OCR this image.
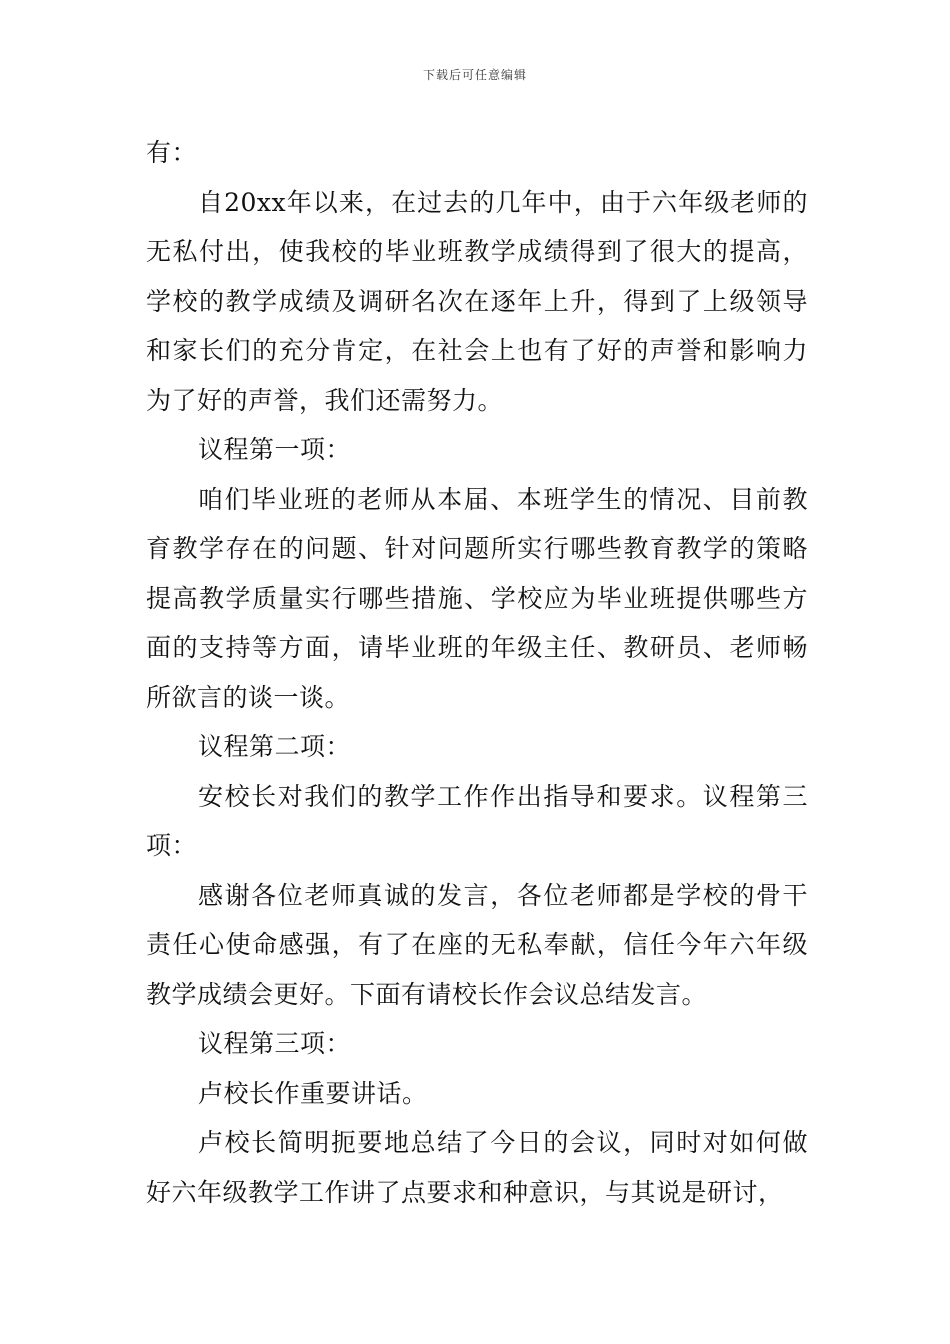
下载后可任意编辑

有：

自20xx年以来，在过去的几年中，由于六年级老师的无私付出，使我校的毕业班教学成绩得到了很大的提高，学校的教学成绩及调研名次在逐年上升，得到了上级领导和家长们的充分肯定，在社会上也有了好的声誉和影响力为了好的声誉，我们还需努力。

议程第一项：

咱们毕业班的老师从本届、本班学生的情况、目前教育教学存在的问题、针对问题所实行哪些教育教学的策略提高教学质量实行哪些措施、学校应为毕业班提供哪些方面的支持等方面，请毕业班的年级主任、教研员、老师畅所欲言的谈一谈。

议程第二项：

安校长对我们的教学工作作出指导和要求。议程第三项：

感谢各位老师真诚的发言，各位老师都是学校的骨干责任心使命感强，有了在座的无私奉献，信任今年六年级教学成绩会更好。下面有请校长作会议总结发言。

议程第三项：

卢校长作重要讲话。

卢校长简明扼要地总结了今日的会议，同时对如何做好六年级教学工作讲了点要求和种意识，与其说是研讨，
